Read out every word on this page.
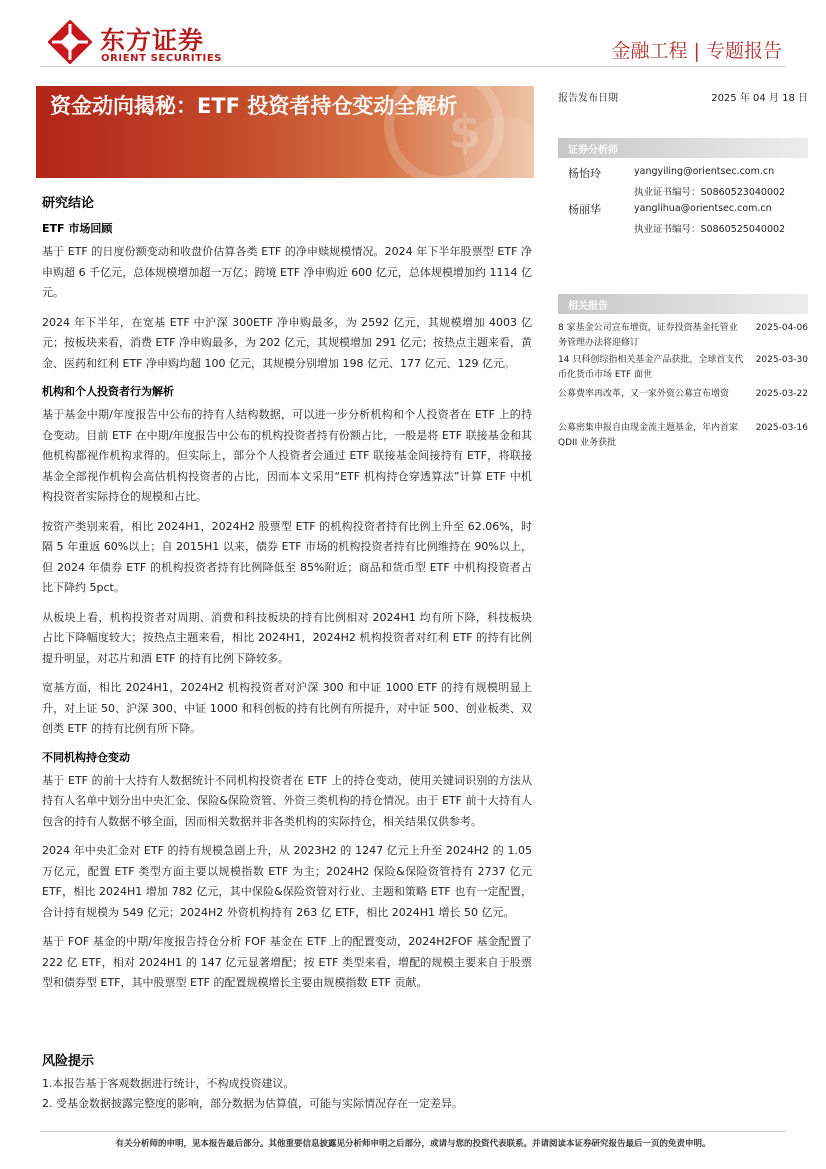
东方证券
ORIENT SECURITIES	金融工程 | 专题报告
$
资金动向揭秘：ETF 投资者持仓变动全解析	报告发布日期	2025 年 04 月 18 日
证券分析师
杨怡玲	yangyiling@orientsec.com.cn
执业证书编号：S0860523040002
杨丽华	yanglihua@orientsec.com.cn
执业证书编号：S0860525040002
相关报告
8 家基金公司宣布增资，证券投资基金托管业务管理办法将迎修订
2025-04-06
14 只科创综指相关基金产品获批，全球首支代币化货币市场 ETF 面世
2025-03-30
公募费率再改革，又一家外资公募宣布增资	2025-03-22
公募密集申报自由现金流主题基金，年内首家 QDII 业务获批
2025-03-16
研究结论
ETF 市场回顾

基于 ETF 的日度份额变动和收盘价估算各类 ETF 的净申赎规模情况。2024 年下半年股票型 ETF 净申购超 6 千亿元，总体规模增加超一万亿；跨境 ETF 净申购近 600 亿元，总体规模增加约 1114 亿元。

2024 年下半年，在宽基 ETF 中沪深 300ETF 净申购最多，为 2592 亿元，其规模增加 4003 亿元；按板块来看，消费 ETF 净申购最多，为 202 亿元，其规模增加 291 亿元；按热点主题来看，黄金、医药和红利 ETF 净申购均超 100 亿元，其规模分别增加 198 亿元、177 亿元、129 亿元。

机构和个人投资者行为解析

基于基金中期/年度报告中公布的持有人结构数据，可以进一步分析机构和个人投资者在 ETF 上的持仓变动。目前 ETF 在中期/年度报告中公布的机构投资者持有份额占比，一般是将 ETF 联接基金和其他机构都视作机构求得的。但实际上，部分个人投资者会通过 ETF 联接基金间接持有 ETF，将联接基金全部视作机构会高估机构投资者的占比，因而本文采用“ETF 机构持仓穿透算法”计算 ETF 中机构投资者实际持仓的规模和占比。

按资产类别来看，相比 2024H1，2024H2 股票型 ETF 的机构投资者持有比例上升至 62.06%，时隔 5 年重返 60%以上；自 2015H1 以来，债券 ETF 市场的机构投资者持有比例维持在 90%以上，但 2024 年债券 ETF 的机构投资者持有比例降低至 85%附近；商品和货币型 ETF 中机构投资者占比下降约 5pct。

从板块上看，机构投资者对周期、消费和科技板块的持有比例相对 2024H1 均有所下降，科技板块占比下降幅度较大；按热点主题来看，相比 2024H1，2024H2 机构投资者对红利 ETF 的持有比例提升明显，对芯片和酒 ETF 的持有比例下降较多。

宽基方面，相比 2024H1，2024H2 机构投资者对沪深 300 和中证 1000 ETF 的持有规模明显上升，对上证 50、沪深 300、中证 1000 和科创板的持有比例有所提升，对中证 500、创业板类、双创类 ETF 的持有比例有所下降。

不同机构持仓变动

基于 ETF 的前十大持有人数据统计不同机构投资者在 ETF 上的持仓变动，使用关键词识别的方法从持有人名单中划分出中央汇金、保险&保险资管、外资三类机构的持仓情况。由于 ETF 前十大持有人包含的持有人数据不够全面，因而相关数据并非各类机构的实际持仓，相关结果仅供参考。

2024 年中央汇金对 ETF 的持有规模急剧上升，从 2023H2 的 1247 亿元上升至 2024H2 的 1.05 万亿元，配置 ETF 类型方面主要以规模指数 ETF 为主；2024H2 保险&保险资管持有 2737 亿元 ETF，相比 2024H1 增加 782 亿元，其中保险&保险资管对行业、主题和策略 ETF 也有一定配置，合计持有规模为 549 亿元；2024H2 外资机构持有 263 亿 ETF，相比 2024H1 增长 50 亿元。

基于 FOF 基金的中期/年度报告持仓分析 FOF 基金在 ETF 上的配置变动，2024H2FOF 基金配置了 222 亿 ETF，相对 2024H1 的 147 亿元显著增配；按 ETF 类型来看，增配的规模主要来自于股票型和债券型 ETF，其中股票型 ETF 的配置规模增长主要由规模指数 ETF 贡献。

风险提示
1.本报告基于客观数据进行统计，不构成投资建议。
2. 受基金数据披露完整度的影响，部分数据为估算值，可能与实际情况存在一定差异。
有关分析师的申明，见本报告最后部分。其他重要信息披露见分析师申明之后部分，或请与您的投资代表联系。并请阅读本证券研究报告最后一页的免责申明。
